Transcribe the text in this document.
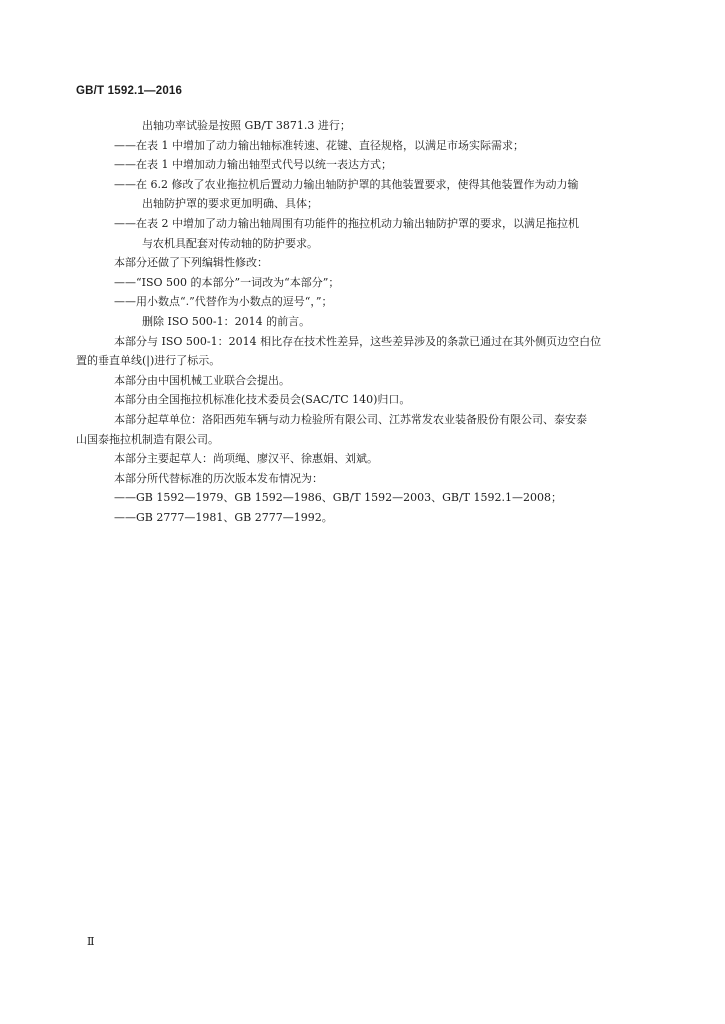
GB/T 1592.1—2016

出轴功率试验是按照 GB/T 3871.3 进行；

——在表 1 中增加了动力输出轴标准转速、花键、直径规格，以满足市场实际需求；

——在表 1 中增加动力输出轴型式代号以统一表达方式；

——在 6.2 修改了农业拖拉机后置动力输出轴防护罩的其他装置要求，使得其他装置作为动力输

出轴防护罩的要求更加明确、具体；

——在表 2 中增加了动力输出轴周围有功能件的拖拉机动力输出轴防护罩的要求，以满足拖拉机

与农机具配套对传动轴的防护要求。

本部分还做了下列编辑性修改：

——“ISO 500 的本部分”一词改为“本部分”；

——用小数点“.”代替作为小数点的逗号“，”；

删除 ISO 500-1：2014 的前言。

本部分与 ISO 500-1：2014 相比存在技术性差异，这些差异涉及的条款已通过在其外侧页边空白位

置的垂直单线(|)进行了标示。

本部分由中国机械工业联合会提出。

本部分由全国拖拉机标准化技术委员会(SAC/TC 140)归口。

本部分起草单位：洛阳西苑车辆与动力检验所有限公司、江苏常发农业装备股份有限公司、泰安泰

山国泰拖拉机制造有限公司。

本部分主要起草人：尚项绳、廖汉平、徐惠娟、刘斌。

本部分所代替标准的历次版本发布情况为：

——GB 1592—1979、GB 1592—1986、GB/T 1592—2003、GB/T 1592.1—2008；

——GB 2777—1981、GB 2777—1992。

Ⅱ
